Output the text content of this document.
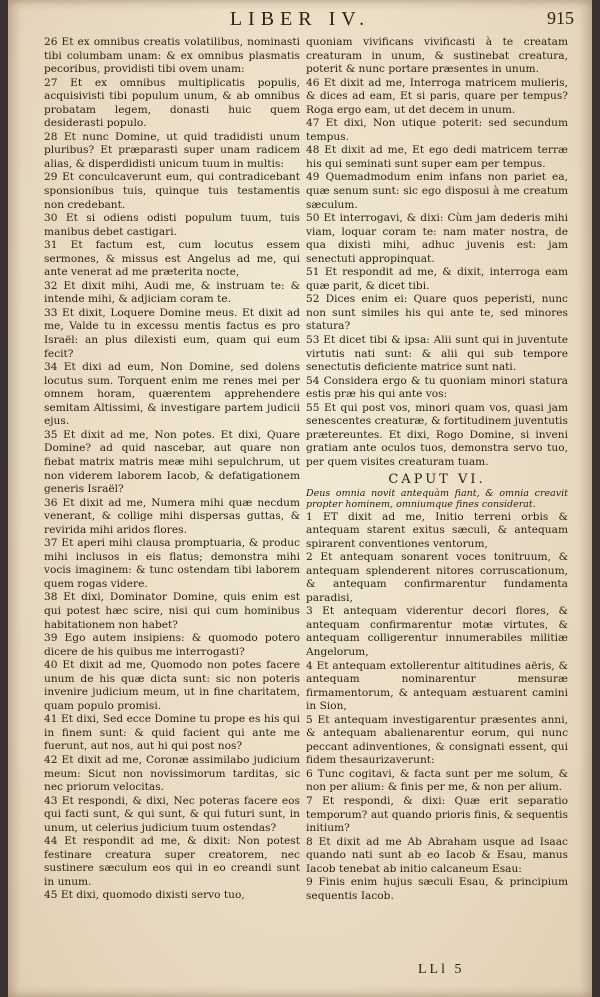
LIBER IV.	915

26 Et ex omnibus creatis volatilibus, nominasti tibi columbam unam: & ex omnibus plasmatis pecoribus, providisti tibi ovem unam:

27 Et ex omnibus multiplicatis populis, acquisivisti tibi populum unum, & ab omnibus probatam legem, donasti huic quem desiderasti populo.

28 Et nunc Domine, ut quid tradidisti unum pluribus? Et præparasti super unam radicem alias, & disperdidisti unicum tuum in multis:

29 Et conculcaverunt eum, qui contradicebant sponsionibus tuis, quinque tuis testamentis non credebant.

30 Et si odiens odisti populum tuum, tuis manibus debet castigari.

31 Et factum est, cum locutus essem sermones, & missus est Angelus ad me, qui ante venerat ad me præterita nocte,

32 Et dixit mihi, Audi me, & instruam te: & intende mihi, & adjiciam coram te.

33 Et dixit, Loquere Domine meus. Et dixit ad me, Valde tu in excessu mentis factus es pro Israël: an plus dilexisti eum, quam qui eum fecit?

34 Et dixi ad eum, Non Domine, sed dolens locutus sum. Torquent enim me renes mei per omnem horam, quærentem apprehendere semitam Altissimi, & investigare partem judicii ejus.

35 Et dixit ad me, Non potes. Et dixi, Quare Domine? ad quid nascebar, aut quare non fiebat matrix matris meæ mihi sepulchrum, ut non viderem laborem Iacob, & defatigationem generis Israël?

36 Et dixit ad me, Numera mihi quæ necdum venerant, & collige mihi dispersas guttas, & revirida mihi aridos flores.

37 Et aperi mihi clausa promptuaria, & produc mihi inclusos in eis flatus; demonstra mihi vocis imaginem: & tunc ostendam tibi laborem quem rogas videre.

38 Et dixi, Dominator Domine, quis enim est qui potest hæc scire, nisi qui cum hominibus habitationem non habet?

39 Ego autem insipiens: & quomodo potero dicere de his quibus me interrogasti?

40 Et dixit ad me, Quomodo non potes facere unum de his quæ dicta sunt: sic non poteris invenire judicium meum, ut in fine charitatem, quam populo promisi.

41 Et dixi, Sed ecce Domine tu prope es his qui in finem sunt: & quid facient qui ante me fuerunt, aut nos, aut hi qui post nos?

42 Et dixit ad me, Coronæ assimilabo judicium meum: Sicut non novissimorum tarditas, sic nec priorum velocitas.

43 Et respondi, & dixi, Nec poteras facere eos qui facti sunt, & qui sunt, & qui futuri sunt, in unum, ut celerius judicium tuum ostendas?

44 Et respondit ad me, & dixit: Non potest festinare creatura super creatorem, nec sustinere sæculum eos qui in eo creandi sunt in unum.

45 Et dixi, quomodo dixisti servo tuo,

quoniam vivificans vivificasti à te creatam creaturam in unum, & sustinebat creatura, poterit & nunc portare præsentes in unum.

46 Et dixit ad me, Interroga matricem mulieris, & dices ad eam, Et si paris, quare per tempus? Roga ergo eam, ut det decem in unum.

47 Et dixi, Non utique poterit: sed secundum tempus.

48 Et dixit ad me, Et ego dedi matricem terræ his qui seminati sunt super eam per tempus.

49 Quemadmodum enim infans non pariet ea, quæ senum sunt: sic ego disposui à me creatum sæculum.

50 Et interrogavi, & dixi: Cùm jam dederis mihi viam, loquar coram te: nam mater nostra, de qua dixisti mihi, adhuc juvenis est: jam senectuti appropinquat.

51 Et respondit ad me, & dixit, interroga eam quæ parit, & dicet tibi.

52 Dices enim ei: Quare quos peperisti, nunc non sunt similes his qui ante te, sed minores statura?

53 Et dicet tibi & ipsa: Alii sunt qui in juventute virtutis nati sunt: & alii qui sub tempore senectutis deficiente matrice sunt nati.

54 Considera ergo & tu quoniam minori statura estis præ his qui ante vos:

55 Et qui post vos, minori quam vos, quasi jam senescentes creaturæ, & fortitudinem juventutis prætereuntes. Et dixi, Rogo Domine, si inveni gratiam ante oculos tuos, demonstra servo tuo, per quem visites creaturam tuam.

CAPUT VI.

Deus omnia novit antequàm fiant, & omnia creavit propter hominem, omniumque fines considerat.

1 ET dixit ad me, Initio terreni orbis & antequam starent exitus sæculi, & antequam spirarent conventiones ventorum,

2 Et antequam sonarent voces tonitruum, & antequam splenderent nitores corruscationum, & antequam confirmarentur fundamenta paradisi,

3 Et antequam viderentur decori flores, & antequam confirmarentur motæ virtutes, & antequam colligerentur innumerabiles militiæ Angelorum,

4 Et antequam extollerentur altitudines aëris, & antequam nominarentur mensuræ firmamentorum, & antequam æstuarent camini in Sion,

5 Et antequam investigarentur præsentes anni, & antequam abalienarentur eorum, qui nunc peccant adinventiones, & consignati essent, qui fidem thesaurizaverunt:

6 Tunc cogitavi, & facta sunt per me solum, & non per alium: & finis per me, & non per alium.

7 Et respondi, & dixi: Quæ erit separatio temporum? aut quando prioris finis, & sequentis initium?

8 Et dixit ad me Ab Abraham usque ad Isaac quando nati sunt ab eo Iacob & Esau, manus Iacob tenebat ab initio calcaneum Esau:

9 Finis enim hujus sæculi Esau, & principium sequentis Iacob.

LLl 5
